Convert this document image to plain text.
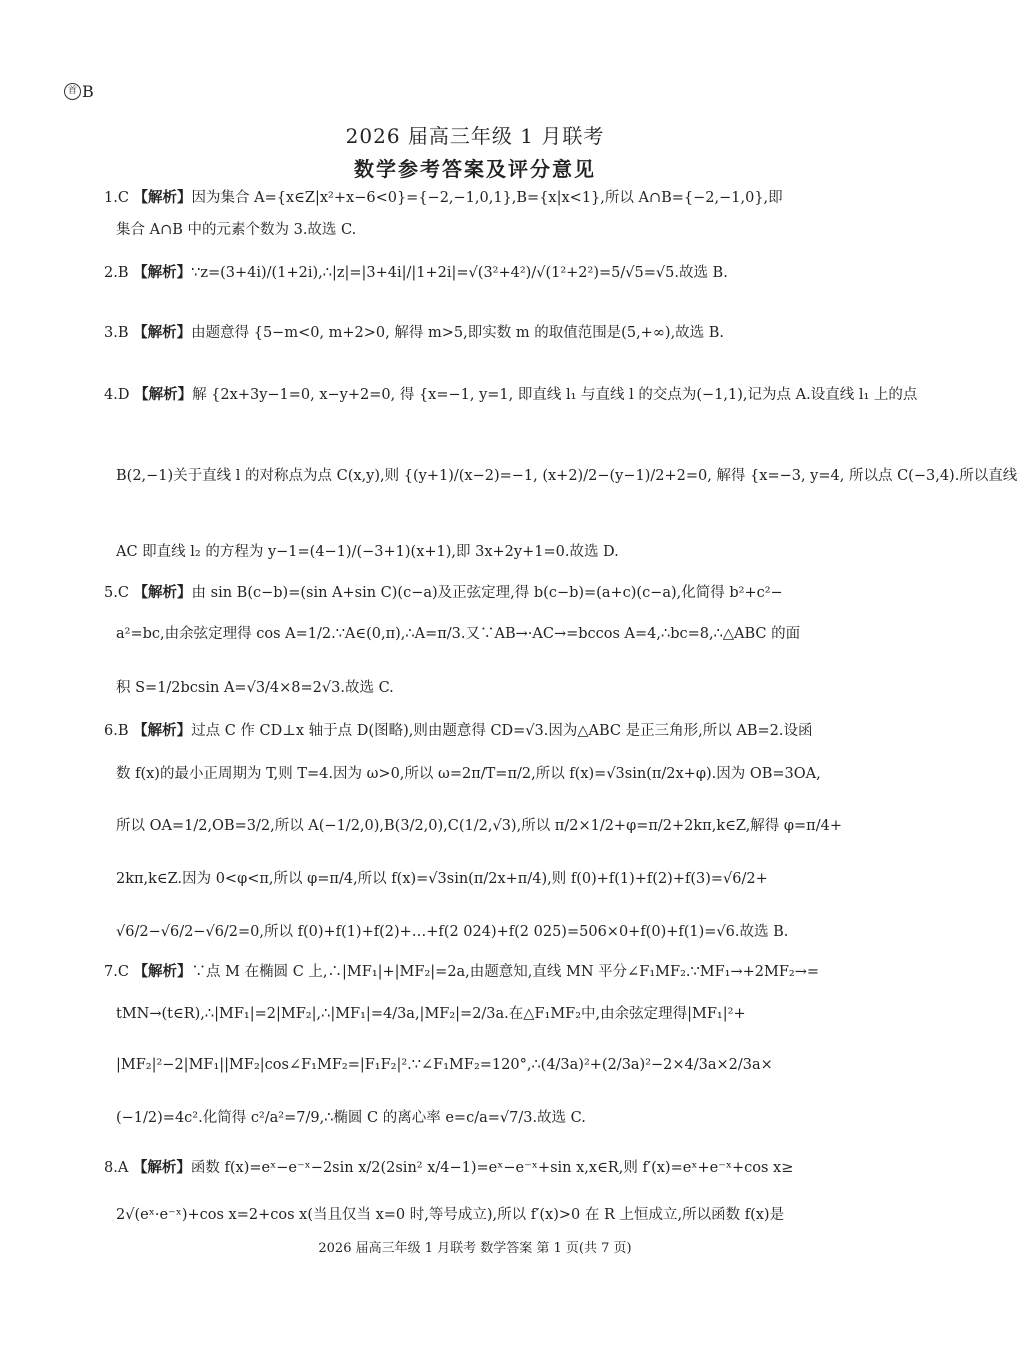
首 B
2026 届高三年级 1 月联考
数学参考答案及评分意见
1.C 【解析】因为集合 A={x∈Z|x²+x−6<0}={−2,−1,0,1},B={x|x<1},所以 A∩B={−2,−1,0},即
集合 A∩B 中的元素个数为 3.故选 C.
2.B 【解析】∵z=(3+4i)/(1+2i),∴|z|=|3+4i|/|1+2i|=√(3²+4²)/√(1²+2²)=5/√5=√5.故选 B.
3.B 【解析】由题意得 {5−m<0, m+2>0, 解得 m>5,即实数 m 的取值范围是(5,+∞),故选 B.
4.D 【解析】解 {2x+3y−1=0, x−y+2=0, 得 {x=−1, y=1, 即直线 l₁ 与直线 l 的交点为(−1,1),记为点 A.设直线 l₁ 上的点
B(2,−1)关于直线 l 的对称点为点 C(x,y),则 {(y+1)/(x−2)=−1, (x+2)/2−(y−1)/2+2=0, 解得 {x=−3, y=4, 所以点 C(−3,4).所以直线
AC 即直线 l₂ 的方程为 y−1=(4−1)/(−3+1)(x+1),即 3x+2y+1=0.故选 D.
5.C 【解析】由 sin B(c−b)=(sin A+sin C)(c−a)及正弦定理,得 b(c−b)=(a+c)(c−a),化简得 b²+c²−
a²=bc,由余弦定理得 cos A=1/2.∵A∈(0,π),∴A=π/3.又∵AB→·AC→=bccos A=4,∴bc=8,∴△ABC 的面
积 S=1/2bcsin A=√3/4×8=2√3.故选 C.
6.B 【解析】过点 C 作 CD⊥x 轴于点 D(图略),则由题意得 CD=√3.因为△ABC 是正三角形,所以 AB=2.设函
数 f(x)的最小正周期为 T,则 T=4.因为 ω>0,所以 ω=2π/T=π/2,所以 f(x)=√3sin(π/2x+φ).因为 OB=3OA,
所以 OA=1/2,OB=3/2,所以 A(−1/2,0),B(3/2,0),C(1/2,√3),所以 π/2×1/2+φ=π/2+2kπ,k∈Z,解得 φ=π/4+
2kπ,k∈Z.因为 0<φ<π,所以 φ=π/4,所以 f(x)=√3sin(π/2x+π/4),则 f(0)+f(1)+f(2)+f(3)=√6/2+
√6/2−√6/2−√6/2=0,所以 f(0)+f(1)+f(2)+…+f(2 024)+f(2 025)=506×0+f(0)+f(1)=√6.故选 B.
7.C 【解析】∵点 M 在椭圆 C 上,∴|MF₁|+|MF₂|=2a,由题意知,直线 MN 平分∠F₁MF₂.∵MF₁→+2MF₂→=
tMN→(t∈R),∴|MF₁|=2|MF₂|,∴|MF₁|=4/3a,|MF₂|=2/3a.在△F₁MF₂中,由余弦定理得|MF₁|²+
|MF₂|²−2|MF₁||MF₂|cos∠F₁MF₂=|F₁F₂|².∵∠F₁MF₂=120°,∴(4/3a)²+(2/3a)²−2×4/3a×2/3a×
(−1/2)=4c².化简得 c²/a²=7/9,∴椭圆 C 的离心率 e=c/a=√7/3.故选 C.
8.A 【解析】函数 f(x)=eˣ−e⁻ˣ−2sin x/2(2sin² x/4−1)=eˣ−e⁻ˣ+sin x,x∈R,则 f′(x)=eˣ+e⁻ˣ+cos x≥
2√(eˣ·e⁻ˣ)+cos x=2+cos x(当且仅当 x=0 时,等号成立),所以 f′(x)>0 在 R 上恒成立,所以函数 f(x)是
2026 届高三年级 1 月联考 数学答案 第 1 页(共 7 页)
